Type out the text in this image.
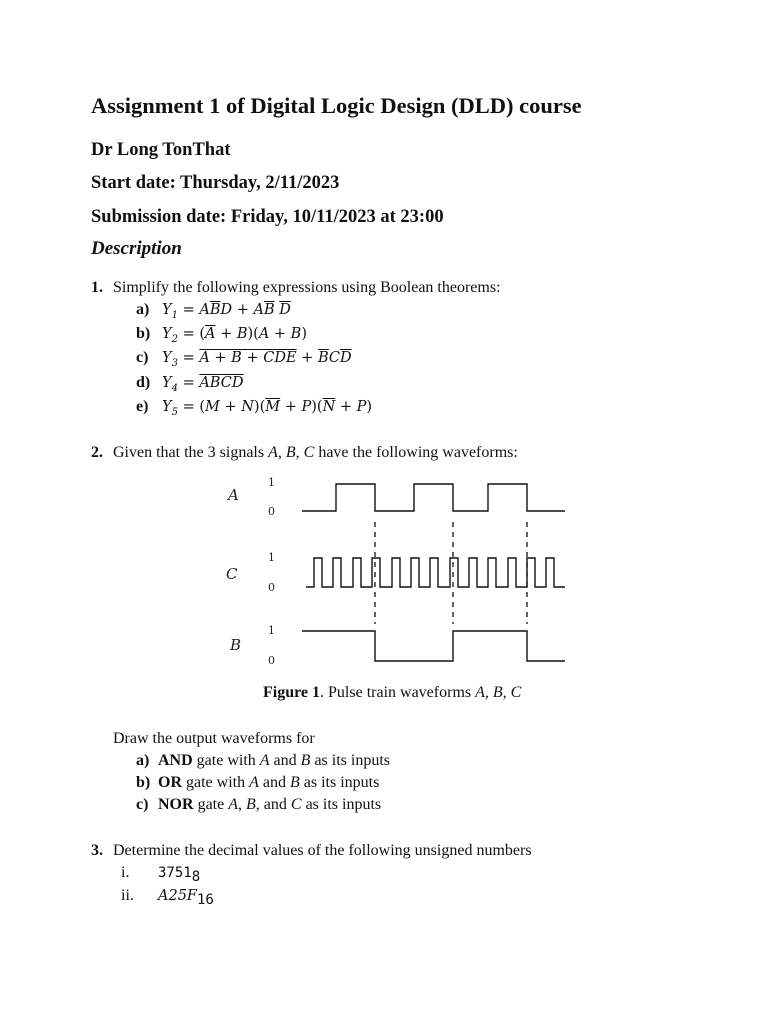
Assignment 1 of Digital Logic Design (DLD) course
Dr Long TonThat
Start date: Thursday, 2/11/2023
Submission date: Friday, 10/11/2023 at 23:00
Description
1. Simplify the following expressions using Boolean theorems:
a) $Y_1 = A\overline{B}D + A\overline{B}$ $\overline{D}$
b) $Y_2 = (\overline{A} + B)(A + B)$
c) $Y_3 = A + B$ + CDE + $\overline{B}C\overline{D}$
d) $Y_4$ = ABCD
e) $Y_5 = (M + N)(\overline{M} + P)(\overline{N} + P)$
2. Given that the 3 signals A, B, C have the following waveforms:
A
1
0
C
1
0
B
1
0
Figure 1. Pulse train waveforms A, B, C
Draw the output waveforms for
a) AND gate with A and B as its inputs
b) OR gate with A and B as its inputs
c) NOR gate A, B, and C as its inputs
3. Determine the decimal values of the following unsigned numbers
i. 37518
ii. A25F16
